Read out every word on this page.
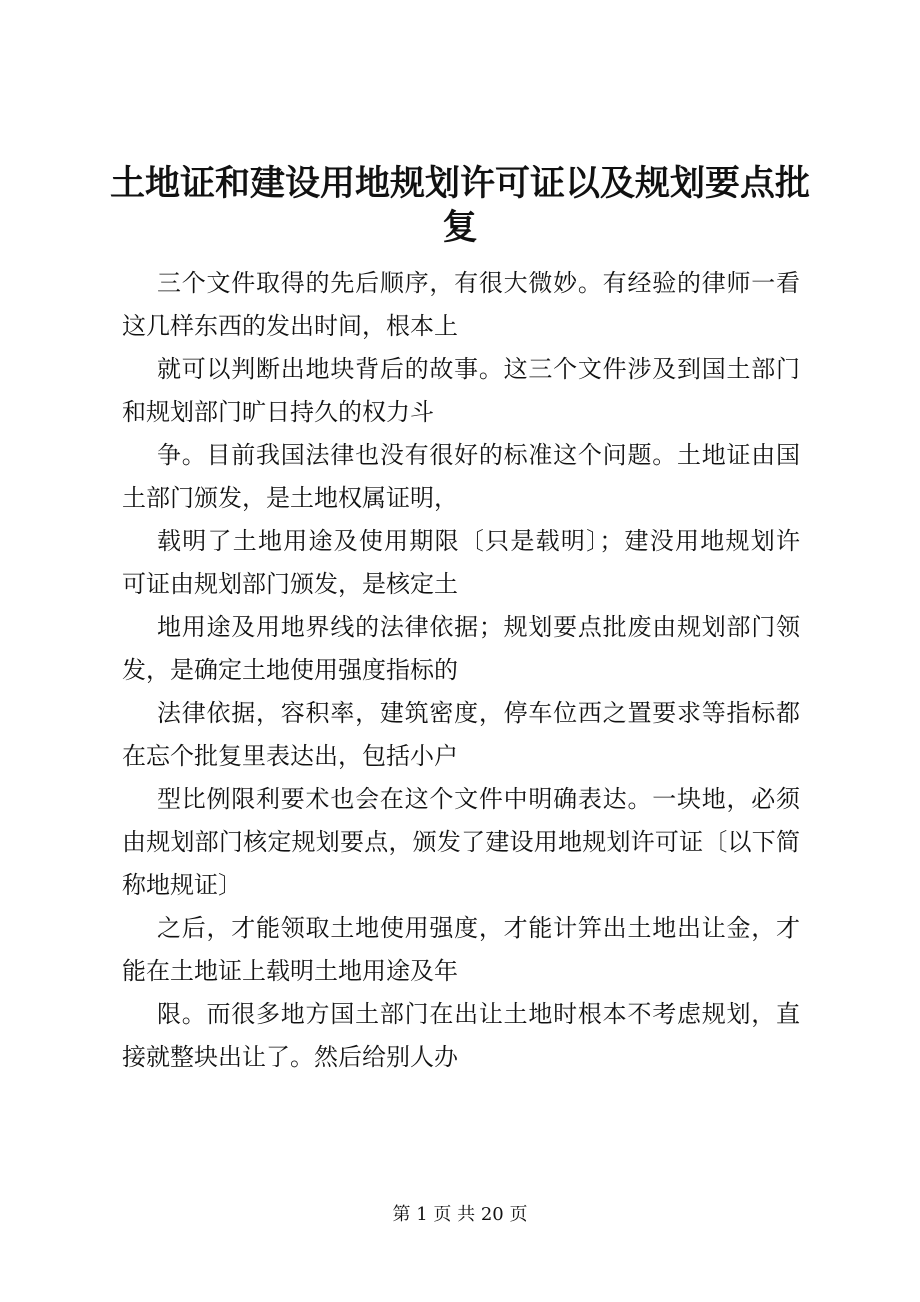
土地证和建设用地规划许可证以及规划要点批
复
三个文件取得的先后顺序，有很大微妙。有经验的律师一看
这几样东西的发出时间，根本上
就可以判断出地块背后的故事。这三个文件涉及到国土部门
和规划部门旷日持久的权力斗
争。目前我国法律也没有很好的标准这个问题。土地证由国
土部门颁发，是土地权属证明，
载明了土地用途及使用期限〔只是载明〕；建没用地规划许
可证由规划部门颁发，是核定土
地用途及用地界线的法律依据；规划要点批废由规划部门领
发，是确定土地使用强度指标的
法律依据，容积率，建筑密度，停车位西之置要求等指标都
在忘个批复里表达出，包括小户
型比例限利要术也会在这个文件中明确表达。一块地，必须
由规划部门核定规划要点，颁发了建设用地规划许可证〔以下简
称地规证〕
之后，才能领取土地使用强度，才能计笄出土地出让金，才
能在土地证上载明土地用途及年
限。而很多地方国土部门在出让土地时根本不考虑规划，直
接就整块出让了。然后给别人办
第 1 页 共 20 页
